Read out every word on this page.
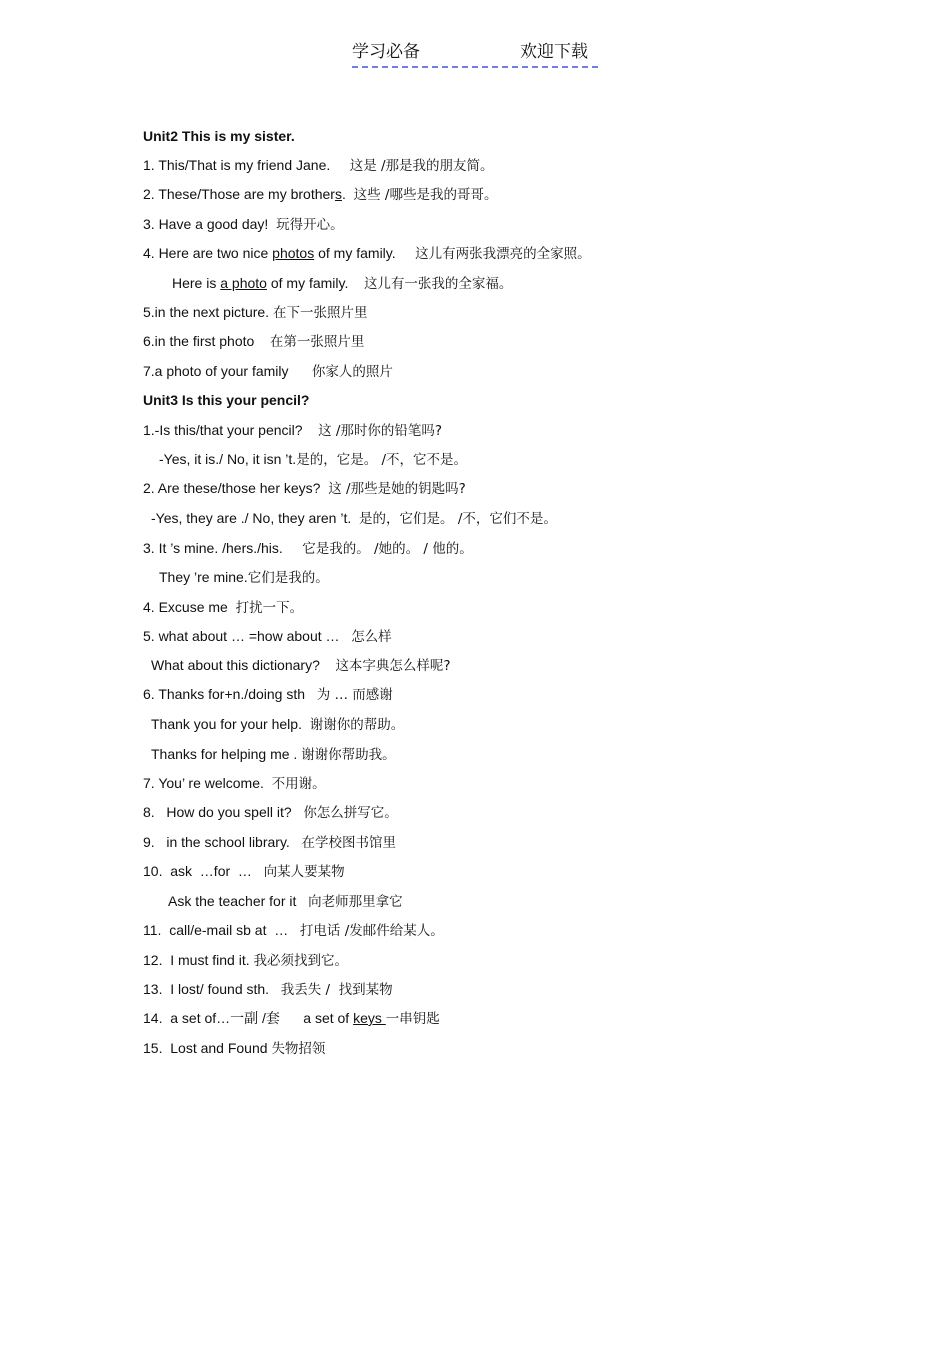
学习必备	欢迎下载
Unit2 This is my sister.
1. This/That is my friend Jane. 这是 /那是我的朋友简。
2. These/Those are my brothers. 这些 /哪些是我的哥哥。
3. Have a good day! 玩得开心。
4. Here are two nice photos of my family. 这儿有两张我漂亮的全家照。
Here is a photo of my family. 这儿有一张我的全家福。
5.in the next picture. 在下一张照片里
6.in the first photo 在第一张照片里
7.a photo of your family 你家人的照片
Unit3 Is this your pencil?
1.-Is this/that your pencil? 这 /那时你的铅笔吗?
-Yes, it is./ No, it isn ’t.是的，它是。 /不，它不是。
2. Are these/those her keys? 这 /那些是她的钥匙吗?
-Yes, they are ./ No, they aren ’t. 是的，它们是。 /不，它们不是。
3. It ’s mine. /hers./his. 它是我的。 /她的。 / 他的。
They ’re mine.它们是我的。
4. Excuse me 打扰一下。
5. what about … =how about … 怎么样
What about this dictionary? 这本字典怎么样呢?
6. Thanks for+n./doing sth 为 … 而感谢
Thank you for your help. 谢谢你的帮助。
Thanks for helping me . 谢谢你帮助我。
7. You’ re welcome. 不用谢。
8.   How do you spell it? 你怎么拼写它。
9.   in the school library. 在学校图书馆里
10.  ask  …for  … 向某人要某物
Ask the teacher for it 向老师那里拿它
11.  call/e-mail sb at  … 打电话 /发邮件给某人。
12.  I must find it. 我必须找到它。
13.  I lost/ found sth. 我丢失 /  找到某物
14.  a set of…一副 /套      a set of keys 一串钥匙
15.  Lost and Found 失物招领
